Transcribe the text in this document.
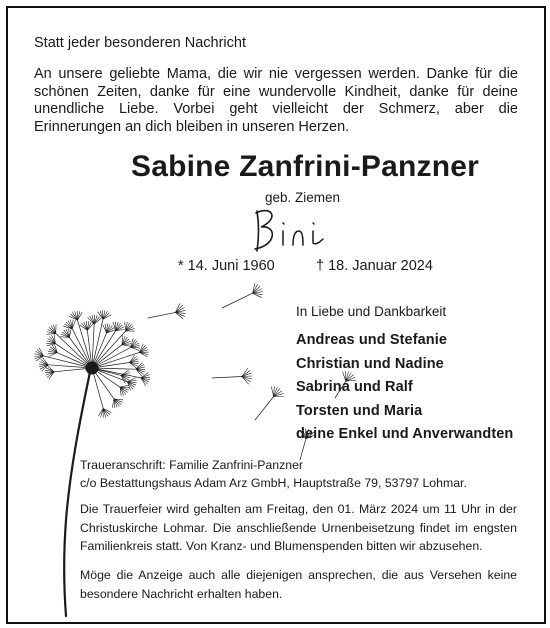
Statt jeder besonderen Nachricht
An unsere geliebte Mama, die wir nie vergessen werden. Danke für die schönen Zeiten, danke für eine wundervolle Kindheit, danke für deine unendliche Liebe. Vorbei geht vielleicht der Schmerz, aber die Erinnerungen an dich bleiben in unseren Herzen.
Sabine Zanfrini-Panzner
geb. Ziemen
* 14. Juni 1960	† 18. Januar 2024
In Liebe und Dankbarkeit
Andreas und Stefanie
Christian und Nadine
Sabrina und Ralf
Torsten und Maria
deine Enkel und Anverwandten
Traueranschrift: Familie Zanfrini-Panzner
c/o Bestattungshaus Adam Arz GmbH, Hauptstraße 79, 53797 Lohmar.
Die Trauerfeier wird gehalten am Freitag, den 01. März 2024 um 11 Uhr in der Christuskirche Lohmar. Die anschließende Urnenbeisetzung findet im engsten Familienkreis statt. Von Kranz- und Blumenspenden bitten wir abzusehen.
Möge die Anzeige auch alle diejenigen ansprechen, die aus Versehen keine besondere Nachricht erhalten haben.
